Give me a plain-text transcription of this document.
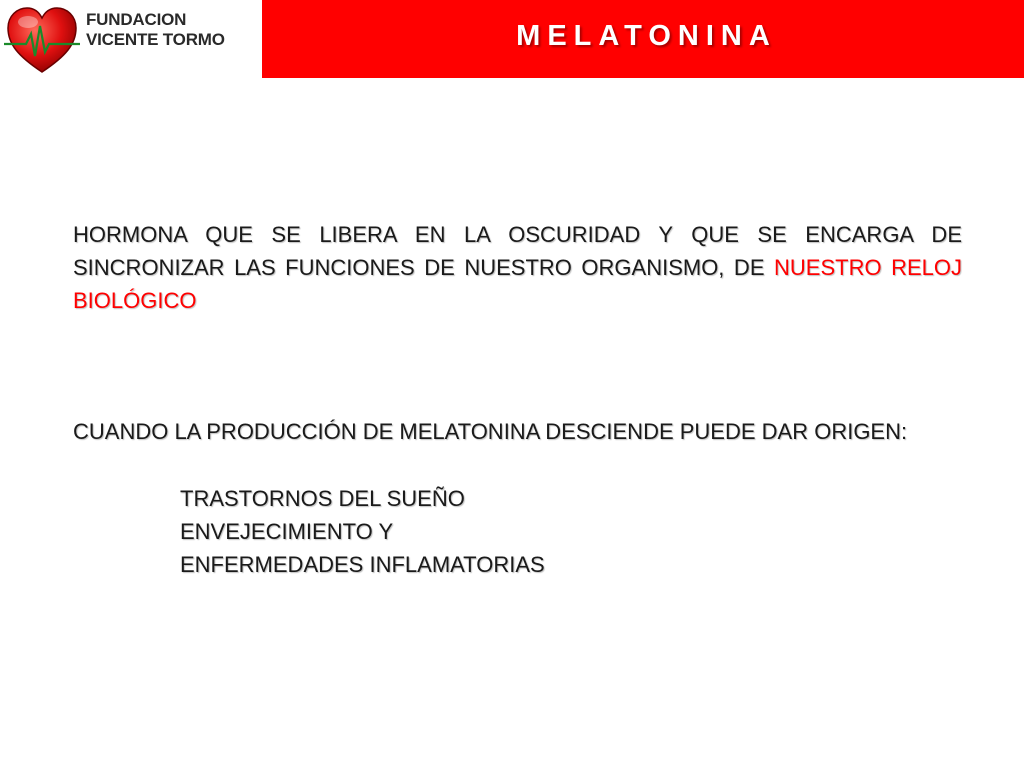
FUNDACION
VICENTE TORMO	MELATONINA
HORMONA QUE SE LIBERA EN LA OSCURIDAD Y QUE SE ENCARGA DE SINCRONIZAR LAS FUNCIONES DE NUESTRO ORGANISMO, DE NUESTRO RELOJ BIOLÓGICO
CUANDO LA PRODUCCIÓN DE MELATONINA DESCIENDE PUEDE DAR ORIGEN:
TRASTORNOS DEL SUEÑO
ENVEJECIMIENTO Y
ENFERMEDADES INFLAMATORIAS
